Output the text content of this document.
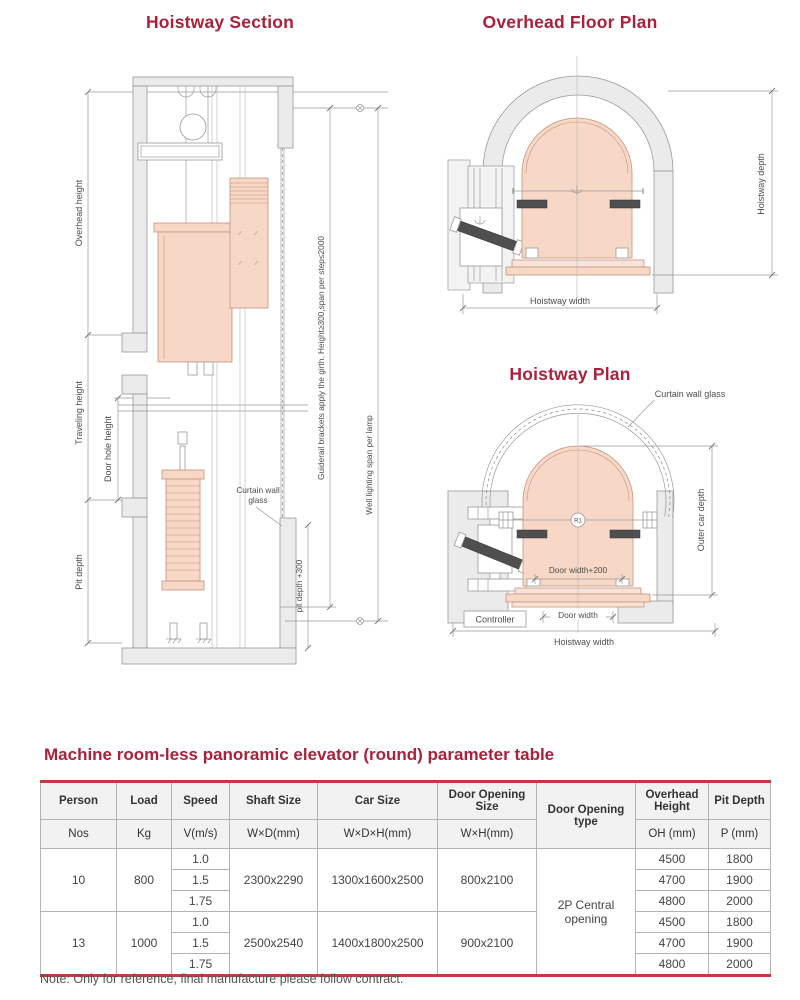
Hoistway Section	Overhead Floor Plan
Hoistway Plan
Curtain wall
glass
Overhead height
Traveling height
Door hole height
Pit depth
Guiderail brackets apply the girth. Height≥300,span per step≤2000	Well lighting span per lamp
pit depth +300
Hoistway depth
Hoistway width
R1
Curtain wall glass
Outer car depth
Door width+200
Door width
Controller
Hoistway width
Machine room-less panoramic elevator (round) parameter table
Person	Load	Speed	Shaft Size	Car Size	Door Opening Size	Door Opening type	Overhead Height	Pit Depth
Nos	Kg	V(m/s)	W×D(mm)	W×D×H(mm)	W×H(mm)		OH (mm)	P (mm)
10	800	1.0	2300x2290	1300x1600x2500	800x2100	2P Central opening	4500	1800
		1.5					4700	1900
		1.75					4800	2000
13	1000	1.0	2500x2540	1400x1800x2500	900x2100		4500	1800
		1.5					4700	1900
		1.75					4800	2000
Note: Only for reference, final manufacture please follow contract.
